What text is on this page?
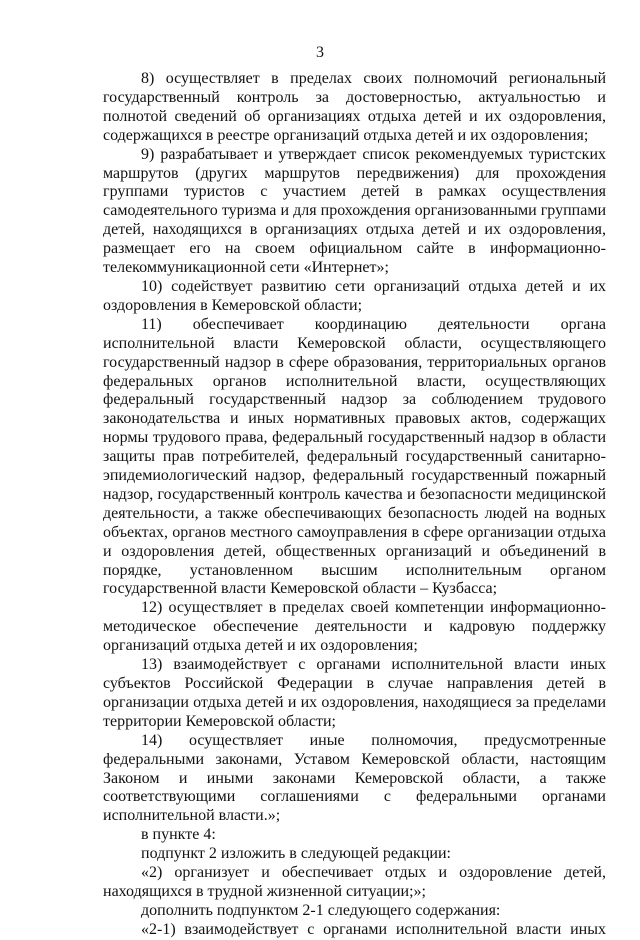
3

8) осуществляет в пределах своих полномочий региональный государственный контроль за достоверностью, актуальностью и полнотой сведений об организациях отдыха детей и их оздоровления, содержащихся в реестре организаций отдыха детей и их оздоровления;

9) разрабатывает и утверждает список рекомендуемых туристских маршрутов (других маршрутов передвижения) для прохождения группами туристов с участием детей в рамках осуществления самодеятельного туризма и для прохождения организованными группами детей, находящихся в организациях отдыха детей и их оздоровления, размещает его на своем официальном сайте в информационно-телекоммуникационной сети «Интернет»;

10) содействует развитию сети организаций отдыха детей и их оздоровления в Кемеровской области;

11) обеспечивает координацию деятельности органа исполнительной власти Кемеровской области, осуществляющего государственный надзор в сфере образования, территориальных органов федеральных органов исполнительной власти, осуществляющих федеральный государственный надзор за соблюдением трудового законодательства и иных нормативных правовых актов, содержащих нормы трудового права, федеральный государственный надзор в области защиты прав потребителей, федеральный государственный санитарно-эпидемиологический надзор, федеральный государственный пожарный надзор, государственный контроль качества и безопасности медицинской деятельности, а также обеспечивающих безопасность людей на водных объектах, органов местного самоуправления в сфере организации отдыха и оздоровления детей, общественных организаций и объединений в порядке, установленном высшим исполнительным органом государственной власти Кемеровской области – Кузбасса;

12) осуществляет в пределах своей компетенции информационно-методическое обеспечение деятельности и кадровую поддержку организаций отдыха детей и их оздоровления;

13) взаимодействует с органами исполнительной власти иных субъектов Российской Федерации в случае направления детей в организации отдыха детей и их оздоровления, находящиеся за пределами территории Кемеровской области;

14) осуществляет иные полномочия, предусмотренные федеральными законами, Уставом Кемеровской области, настоящим Законом и иными законами Кемеровской области, а также соответствующими соглашениями с федеральными органами исполнительной власти.»;

в пункте 4:

подпункт 2 изложить в следующей редакции:

«2) организует и обеспечивает отдых и оздоровление детей, находящихся в трудной жизненной ситуации;»;

дополнить подпунктом 2-1 следующего содержания:

«2-1) взаимодействует с органами исполнительной власти иных
